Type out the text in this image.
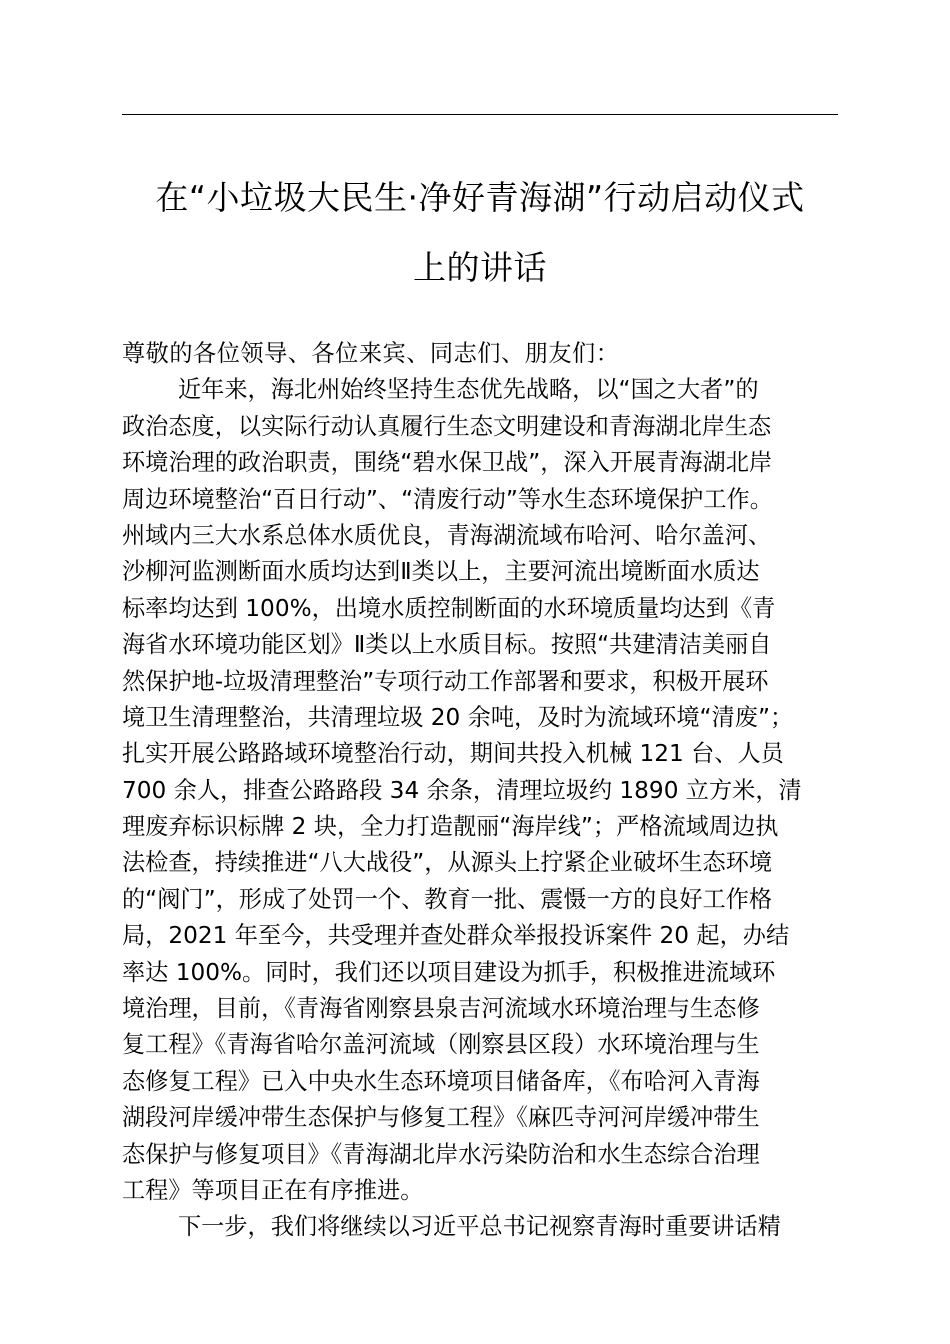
在“小垃圾大民生·净好青海湖”行动启动仪式
上的讲话
尊敬的各位领导、各位来宾、同志们、朋友们：
近年来，海北州始终坚持生态优先战略，以“国之大者”的
政治态度，以实际行动认真履行生态文明建设和青海湖北岸生态
环境治理的政治职责，围绕“碧水保卫战”，深入开展青海湖北岸
周边环境整治“百日行动”、“清废行动”等水生态环境保护工作。
州域内三大水系总体水质优良，青海湖流域布哈河、哈尔盖河、
沙柳河监测断面水质均达到Ⅱ类以上，主要河流出境断面水质达
标率均达到 100%，出境水质控制断面的水环境质量均达到《青
海省水环境功能区划》Ⅱ类以上水质目标。按照“共建清洁美丽自
然保护地-垃圾清理整治”专项行动工作部署和要求，积极开展环
境卫生清理整治，共清理垃圾 20 余吨，及时为流域环境“清废”；
扎实开展公路路域环境整治行动，期间共投入机械 121 台、人员
700 余人，排查公路路段 34 余条，清理垃圾约 1890 立方米，清
理废弃标识标牌 2 块，全力打造靓丽“海岸线”；严格流域周边执
法检查，持续推进“八大战役”，从源头上拧紧企业破坏生态环境
的“阀门”，形成了处罚一个、教育一批、震慑一方的良好工作格
局，2021 年至今，共受理并查处群众举报投诉案件 20 起，办结
率达 100%。同时，我们还以项目建设为抓手，积极推进流域环
境治理，目前，《青海省刚察县泉吉河流域水环境治理与生态修
复工程》《青海省哈尔盖河流域（刚察县区段）水环境治理与生
态修复工程》已入中央水生态环境项目储备库，《布哈河入青海
湖段河岸缓冲带生态保护与修复工程》《麻匹寺河河岸缓冲带生
态保护与修复项目》《青海湖北岸水污染防治和水生态综合治理
工程》等项目正在有序推进。
下一步，我们将继续以习近平总书记视察青海时重要讲话精
